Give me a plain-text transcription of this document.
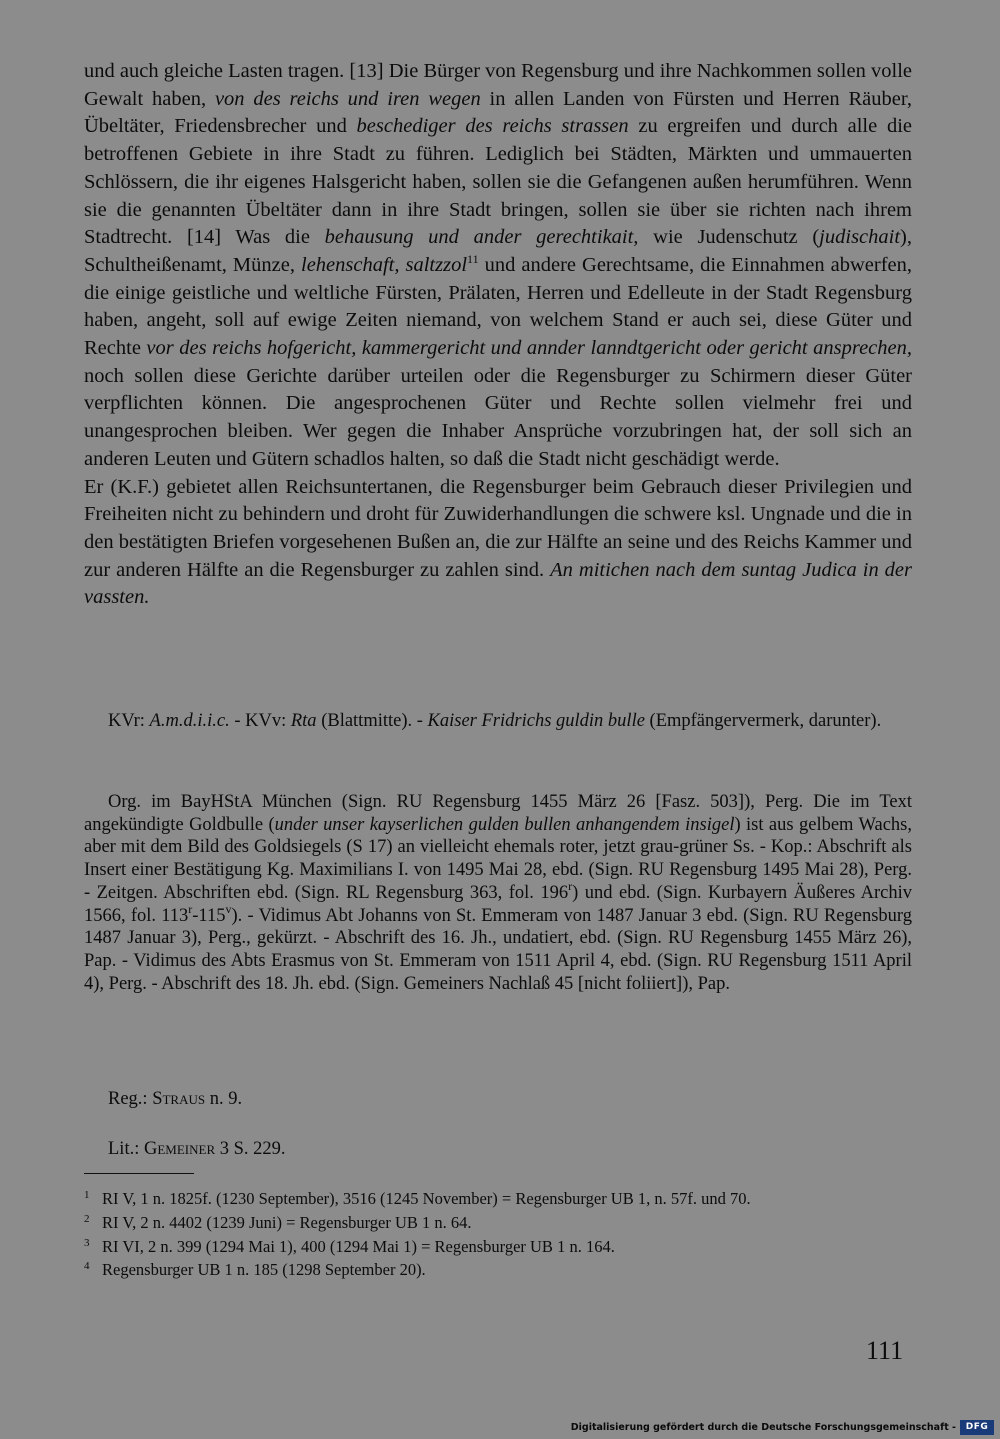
und auch gleiche Lasten tragen. [13] Die Bürger von Regensburg und ihre Nachkommen sollen volle Gewalt haben, von des reichs und iren wegen in allen Landen von Fürsten und Herren Räuber, Übeltäter, Friedensbrecher und beschediger des reichs strassen zu ergreifen und durch alle die betroffenen Gebiete in ihre Stadt zu führen. Lediglich bei Städten, Märkten und ummauerten Schlössern, die ihr eigenes Halsgericht haben, sollen sie die Gefangenen außen herumführen. Wenn sie die genannten Übeltäter dann in ihre Stadt bringen, sollen sie über sie richten nach ihrem Stadtrecht. [14] Was die behausung und ander gerechtikait, wie Judenschutz (judischait), Schultheißenamt, Münze, lehenschaft, saltzzol$^{11}$ und andere Gerechtsame, die Einnahmen abwerfen, die einige geistliche und weltliche Fürsten, Prälaten, Herren und Edelleute in der Stadt Regensburg haben, angeht, soll auf ewige Zeiten niemand, von welchem Stand er auch sei, diese Güter und Rechte vor des reichs hofgericht, kammergericht und annder lanndtgericht oder gericht ansprechen, noch sollen diese Gerichte darüber urteilen oder die Regensburger zu Schirmern dieser Güter verpflichten können. Die angesprochenen Güter und Rechte sollen vielmehr frei und unangesprochen bleiben. Wer gegen die Inhaber Ansprüche vorzubringen hat, der soll sich an anderen Leuten und Gütern schadlos halten, so daß die Stadt nicht geschädigt werde.

Er (K.F.) gebietet allen Reichsuntertanen, die Regensburger beim Gebrauch dieser Privilegien und Freiheiten nicht zu behindern und droht für Zuwiderhandlungen die schwere ksl. Ungnade und die in den bestätigten Briefen vorgesehenen Bußen an, die zur Hälfte an seine und des Reichs Kammer und zur anderen Hälfte an die Regensburger zu zahlen sind. An mitichen nach dem suntag Judica in der vassten.

KVr: A.m.d.i.i.c. - KVv: Rta (Blattmitte). - Kaiser Fridrichs guldin bulle (Empfängervermerk, darunter).

Org. im BayHStA München (Sign. RU Regensburg 1455 März 26 [Fasz. 503]), Perg. Die im Text angekündigte Goldbulle (under unser kayserlichen gulden bullen anhangendem insigel) ist aus gelbem Wachs, aber mit dem Bild des Goldsiegels (S 17) an vielleicht ehemals roter, jetzt grau-grüner Ss. - Kop.: Abschrift als Insert einer Bestätigung Kg. Maximilians I. von 1495 Mai 28, ebd. (Sign. RU Regensburg 1495 Mai 28), Perg. - Zeitgen. Abschriften ebd. (Sign. RL Regensburg 363, fol. 196$^r$) und ebd. (Sign. Kurbayern Äußeres Archiv 1566, fol. 113$^r$-115$^v$). - Vidimus Abt Johanns von St. Emmeram von 1487 Januar 3 ebd. (Sign. RU Regensburg 1487 Januar 3), Perg., gekürzt. - Abschrift des 16. Jh., undatiert, ebd. (Sign. RU Regensburg 1455 März 26), Pap. - Vidimus des Abts Erasmus von St. Emmeram von 1511 April 4, ebd. (Sign. RU Regensburg 1511 April 4), Perg. - Abschrift des 18. Jh. ebd. (Sign. Gemeiners Nachlaß 45 [nicht foliiert]), Pap.

Reg.: Straus n. 9.

Lit.: Gemeiner 3 S. 229.

1 RI V, 1 n. 1825f. (1230 September), 3516 (1245 November) = Regensburger UB 1, n. 57f. und 70.
2 RI V, 2 n. 4402 (1239 Juni) = Regensburger UB 1 n. 64.
3 RI VI, 2 n. 399 (1294 Mai 1), 400 (1294 Mai 1) = Regensburger UB 1 n. 164.
4 Regensburger UB 1 n. 185 (1298 September 20).
111
Digitalisierung gefördert durch die Deutsche Forschungsgemeinschaft -	DFG
